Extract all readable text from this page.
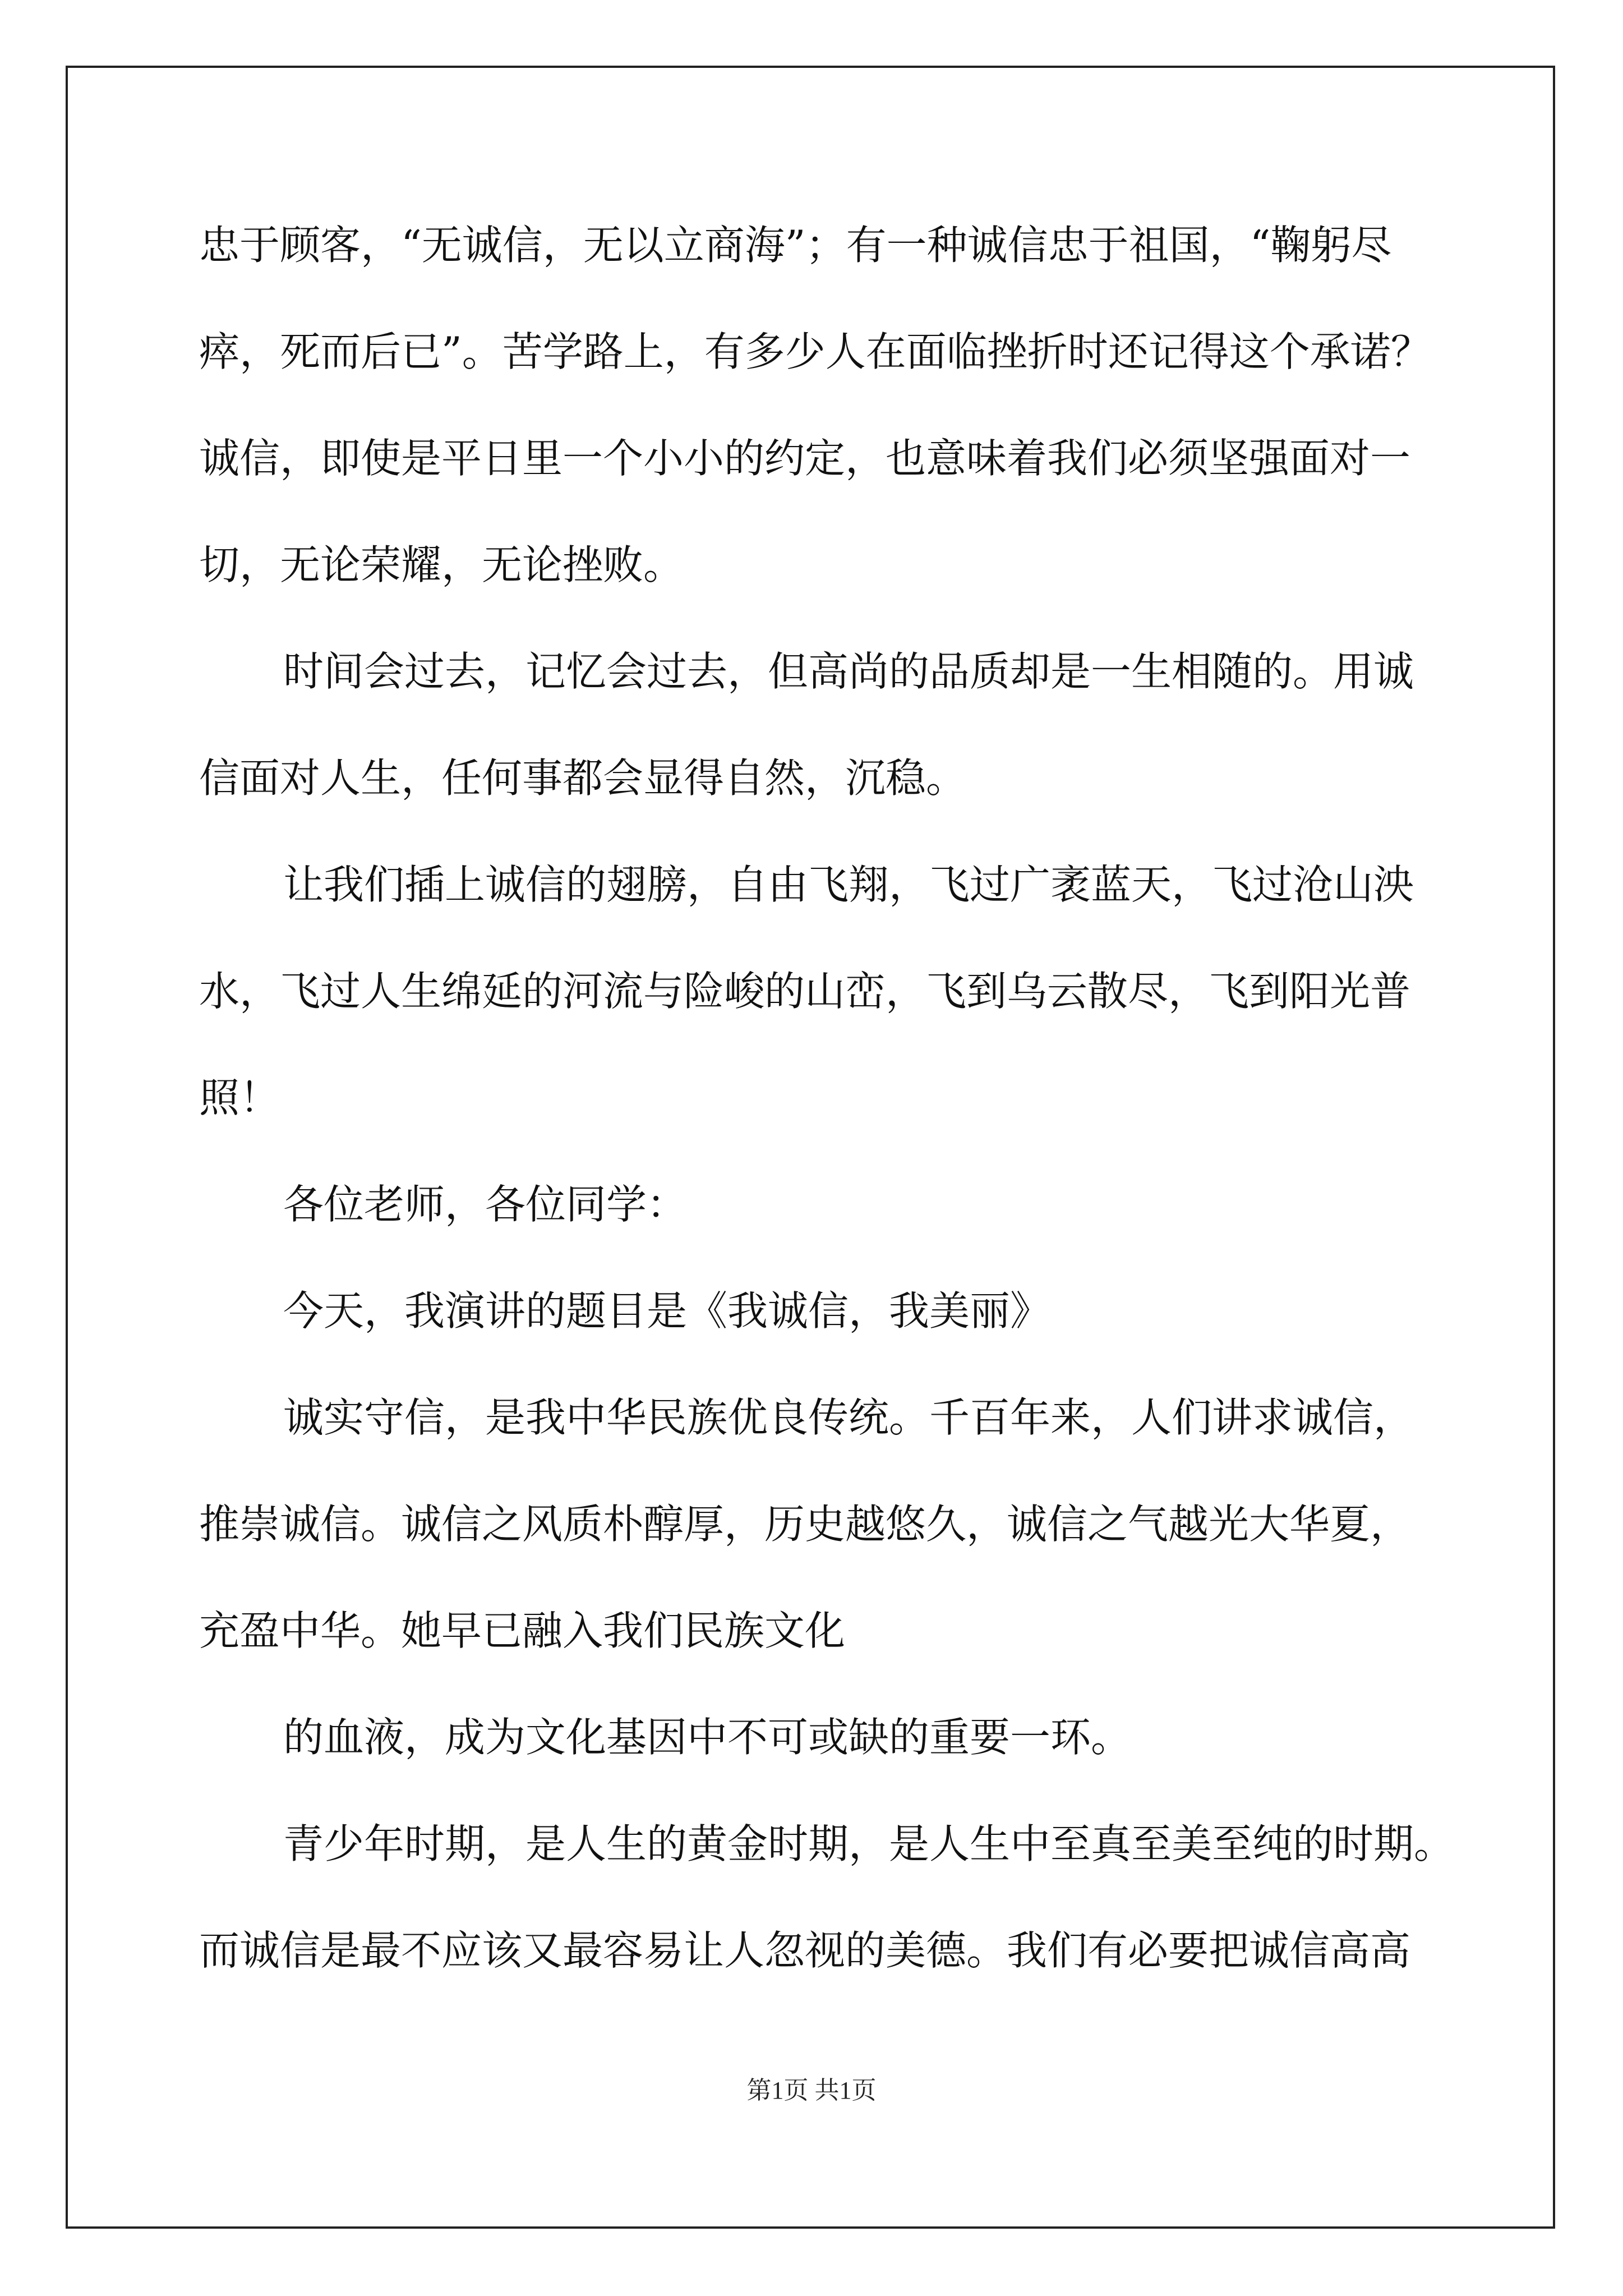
忠于顾客，“无诚信，无以立商海”；有一种诚信忠于祖国，“鞠躬尽
瘁，死而后已”。苦学路上，有多少人在面临挫折时还记得这个承诺？
诚信，即使是平日里一个小小的约定，也意味着我们必须坚强面对一
切，无论荣耀，无论挫败。
时间会过去，记忆会过去，但高尚的品质却是一生相随的。用诚
信面对人生，任何事都会显得自然，沉稳。
让我们插上诚信的翅膀，自由飞翔，飞过广袤蓝天，飞过沧山泱
水，飞过人生绵延的河流与险峻的山峦，飞到乌云散尽，飞到阳光普
照！
各位老师，各位同学：
今天，我演讲的题目是《我诚信，我美丽》
诚实守信，是我中华民族优良传统。千百年来，人们讲求诚信，
推崇诚信。诚信之风质朴醇厚，历史越悠久，诚信之气越光大华夏，
充盈中华。她早已融入我们民族文化
的血液，成为文化基因中不可或缺的重要一环。
青少年时期，是人生的黄金时期，是人生中至真至美至纯的时期。
而诚信是最不应该又最容易让人忽视的美德。我们有必要把诚信高高
第1页 共1页
